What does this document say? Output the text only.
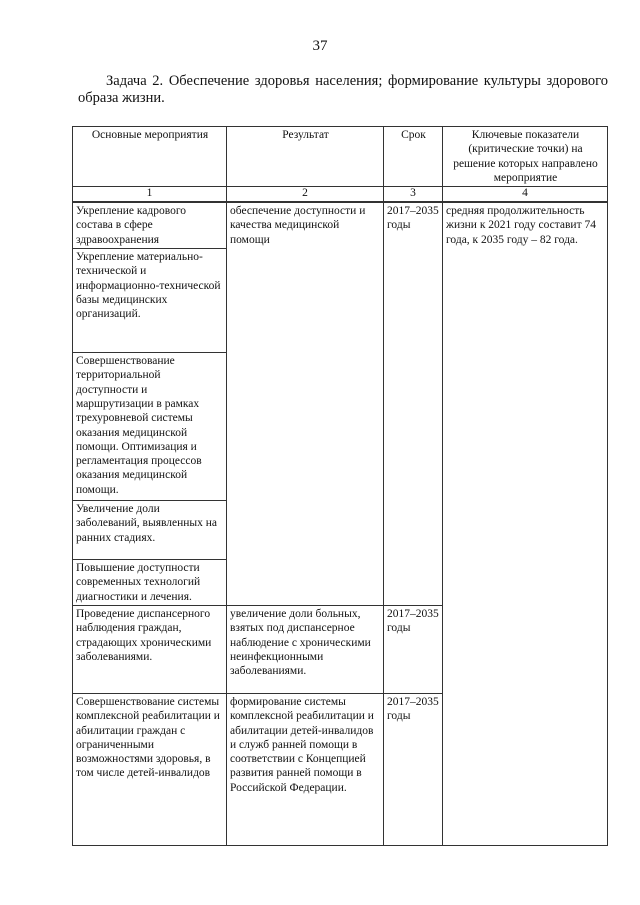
37
Задача 2. Обеспечение здоровья населения; формирование культуры здорового образа жизни.
Основные мероприятия	Результат	Срок	Ключевые показатели (критические точки) на решение которых направлено мероприятие
1	2	3	4
Укрепление кадрового состава в сфере здравоохранения	обеспечение доступности и качества медицинской помощи	2017–2035 годы	средняя продолжительность жизни к 2021 году составит 74 года, к 2035 году – 82 года.
Укрепление материально-технической и информационно-технической базы медицинских организаций.			
Совершенствование территориальной доступности и маршрутизации в рамках трехуровневой системы оказания медицинской помощи. Оптимизация и регламентация процессов оказания медицинской помощи.			
Увеличение доли заболеваний, выявленных на ранних стадиях.			
Повышение доступности современных технологий диагностики и лечения.			
Проведение диспансерного наблюдения граждан, страдающих хроническими заболеваниями.	увеличение доли больных, взятых под диспансерное наблюдение с хроническими неинфекционными заболеваниями.	2017–2035 годы	
Совершенствование системы комплексной реабилитации и абилитации граждан с ограниченными возможностями здоровья, в том числе детей-инвалидов	формирование системы комплексной реабилитации и абилитации детей-инвалидов и служб ранней помощи в соответствии с Концепцией развития ранней помощи в Российской Федерации.	2017–2035 годы	
